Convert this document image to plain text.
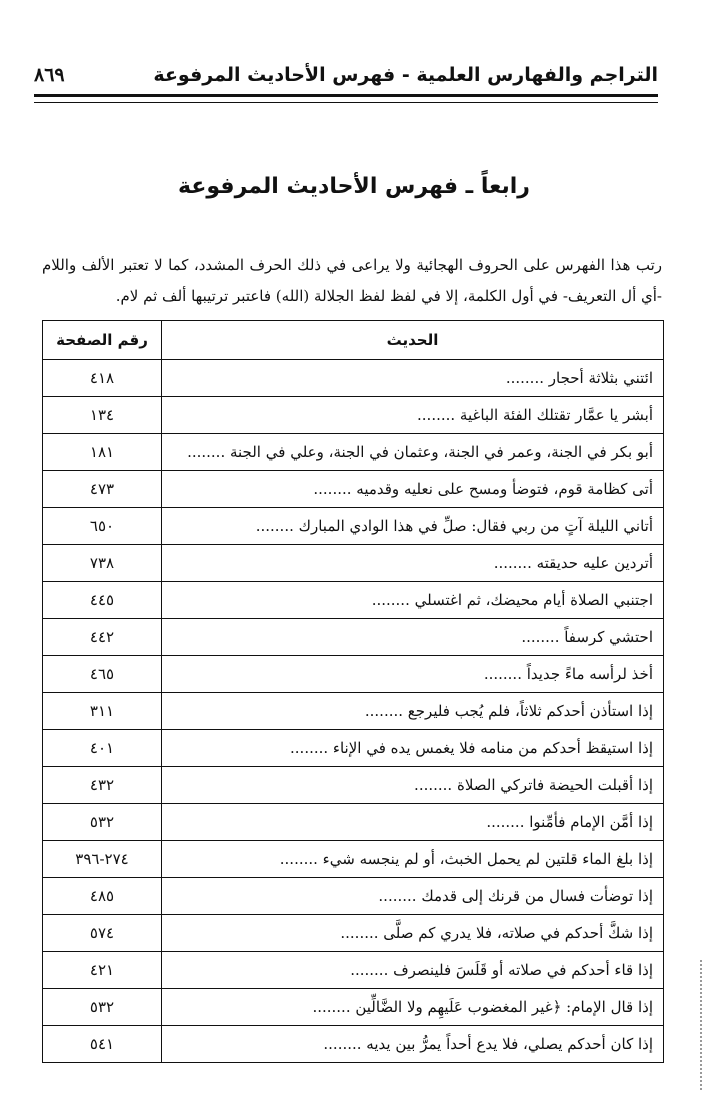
٨٦٩	التراجم والفهارس العلمية - فهرس الأحاديث المرفوعة
رابعاً ـ فهرس الأحاديث المرفوعة
رتب هذا الفهرس على الحروف الهجائية ولا يراعى في ذلك الحرف المشدد، كما لا تعتبر الألف واللام -أي أل التعريف- في أول الكلمة، إلا في لفظ لفظ الجلالة (الله) فاعتبر ترتيبها ألف ثم لام.
الحديث	رقم الصفحة
ائتني بثلاثة أحجار ........	٤١٨
أبشر يا عمَّار تقتلك الفئة الباغية ........	١٣٤
أبو بكر في الجنة، وعمر في الجنة، وعثمان في الجنة، وعلي في الجنة ........	١٨١
أتى كظامة قوم، فتوضأ ومسح على نعليه وقدميه ........	٤٧٣
أتاني الليلة آتٍ من ربي فقال: صلِّ في هذا الوادي المبارك ........	٦٥٠
أتردين عليه حديقته ........	٧٣٨
اجتنبي الصلاة أيام محيضك، ثم اغتسلي ........	٤٤٥
احتشي كرسفاً ........	٤٤٢
أخذ لرأسه ماءً جديداً ........	٤٦٥
إذا استأذن أحدكم ثلاثاً، فلم يُجب فليرجع ........	٣١١
إذا استيقظ أحدكم من منامه فلا يغمس يده في الإناء ........	٤٠١
إذا أقبلت الحيضة فاتركي الصلاة ........	٤٣٢
إذا أمَّن الإمام فأمِّنوا ........	٥٣٢
إذا بلغ الماء قلتين لم يحمل الخبث، أو لم ينجسه شيء ........	٢٧٤-٣٩٦
إذا توضأت فسال من قرنك إلى قدمك ........	٤٨٥
إذا شكَّ أحدكم في صلاته، فلا يدري كم صلَّى ........	٥٧٤
إذا قاء أحدكم في صلاته أو قَلَسَ فلينصرف ........	٤٢١
إذا قال الإمام: ﴿غير المغضوب عَلَيهِم ولا الضَّالِّين ........	٥٣٢
إذا كان أحدكم يصلي، فلا يدع أحداً يمرُّ بين يديه ........	٥٤١
